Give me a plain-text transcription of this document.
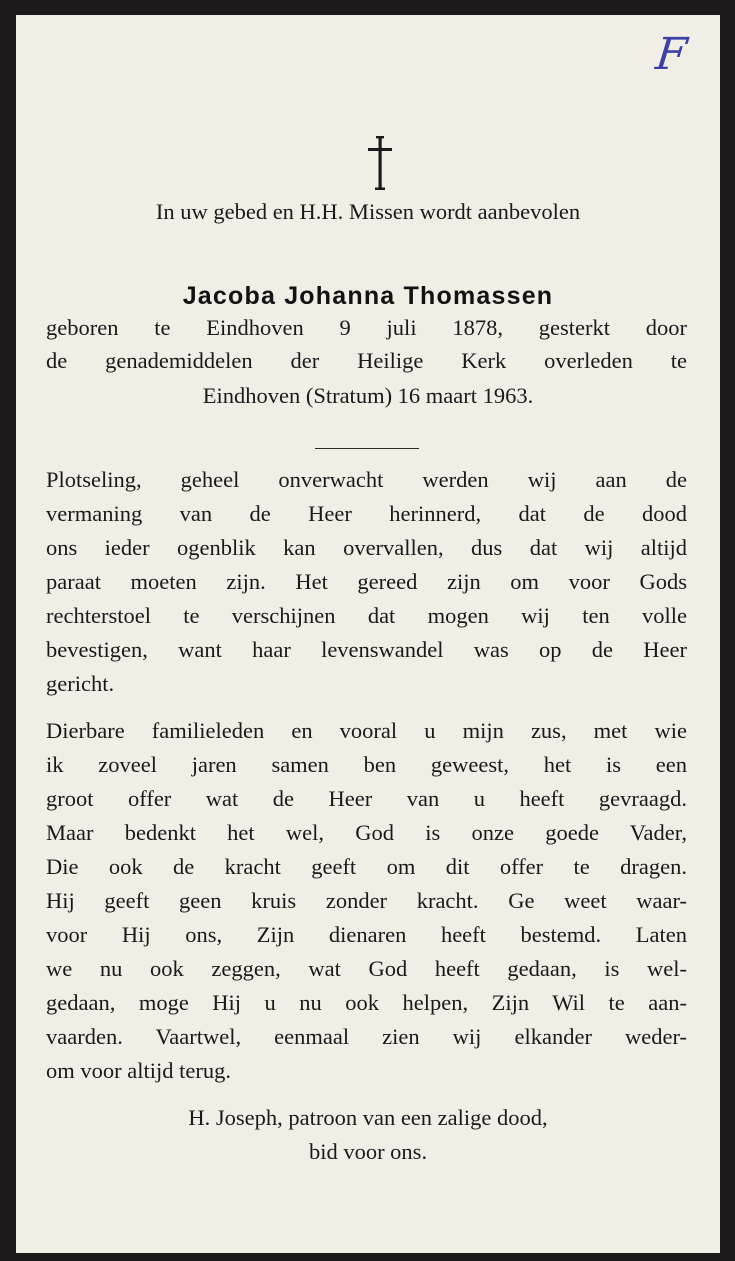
F

In uw gebed en H.H. Missen wordt aanbevolen

Jacoba Johanna Thomassen

geboren te Eindhoven 9 juli 1878, gesterkt door

de genademiddelen der Heilige Kerk overleden te

Eindhoven (Stratum) 16 maart 1963.

Plotseling, geheel onverwacht werden wij aan de

vermaning van de Heer herinnerd, dat de dood

ons ieder ogenblik kan overvallen, dus dat wij altijd

paraat moeten zijn. Het gereed zijn om voor Gods

rechterstoel te verschijnen dat mogen wij ten volle

bevestigen, want haar levenswandel was op de Heer

gericht.

Dierbare familieleden en vooral u mijn zus, met wie

ik zoveel jaren samen ben geweest, het is een

groot offer wat de Heer van u heeft gevraagd.

Maar bedenkt het wel, God is onze goede Vader,

Die ook de kracht geeft om dit offer te dragen.

Hij geeft geen kruis zonder kracht. Ge weet waar-

voor Hij ons, Zijn dienaren heeft bestemd. Laten

we nu ook zeggen, wat God heeft gedaan, is wel-

gedaan, moge Hij u nu ook helpen, Zijn Wil te aan-

vaarden. Vaartwel, eenmaal zien wij elkander weder-

om voor altijd terug.

H. Joseph, patroon van een zalige dood,

bid voor ons.
